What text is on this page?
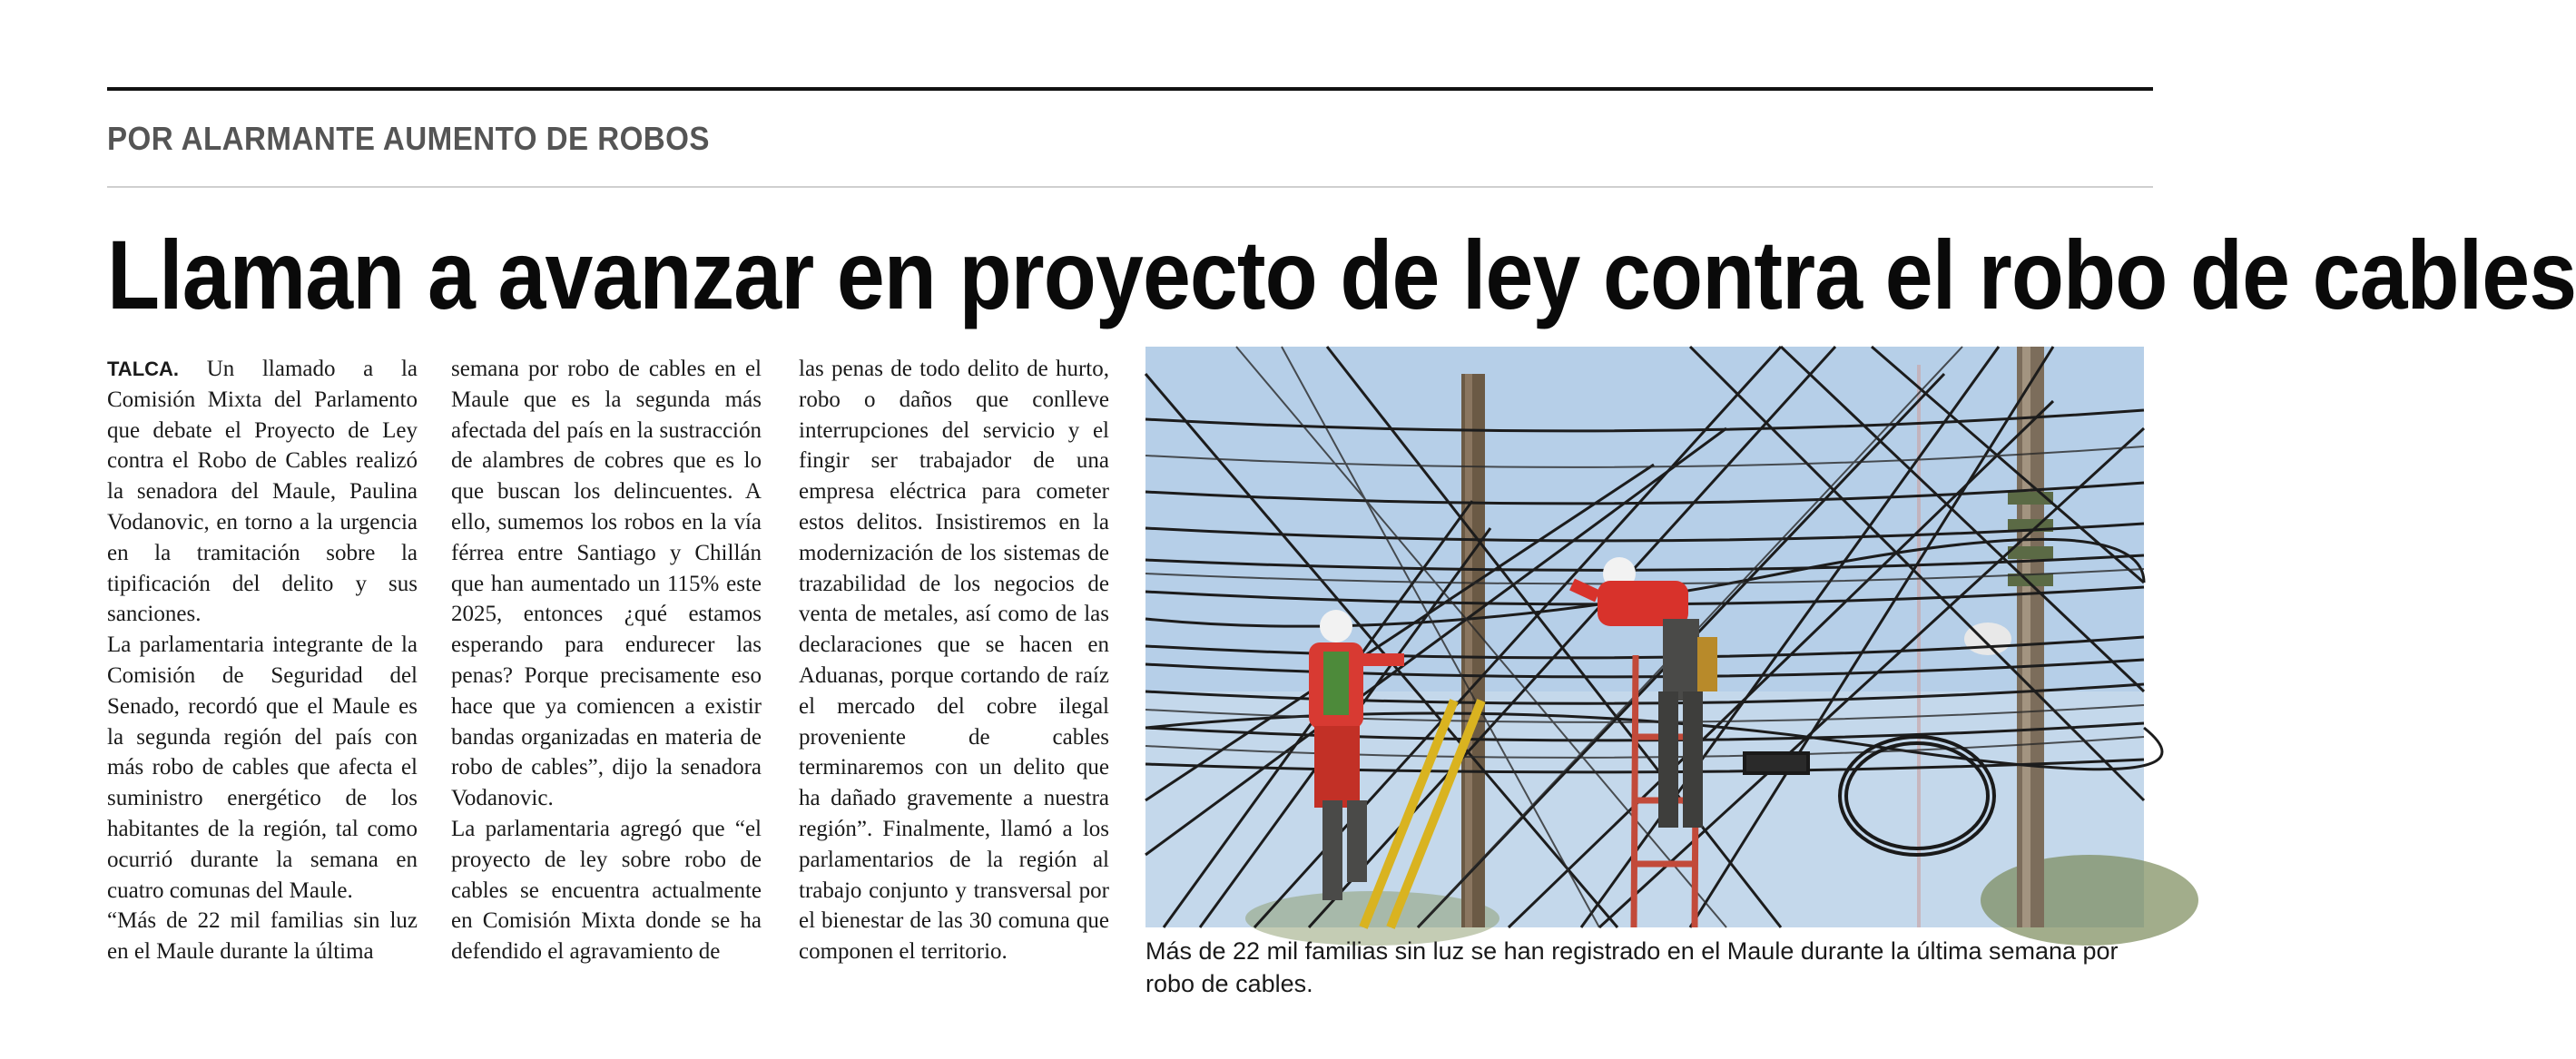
POR ALARMANTE AUMENTO DE ROBOS
Llaman a avanzar en proyecto de ley contra el robo de cables

TALCA. Un llamado a la Comisión Mixta del Parlamento que debate el Proyecto de Ley contra el Robo de Cables realizó la senadora del Maule, Paulina Vodanovic, en torno a la urgencia en la tramitación sobre la tipificación del delito y sus sanciones.

La parlamentaria integrante de la Comisión de Seguridad del Senado, recordó que el Maule es la segunda región del país con más robo de cables que afecta el suministro energético de los habitantes de la región, tal como ocurrió durante la semana en cuatro comunas del Maule.

“Más de 22 mil familias sin luz en el Maule durante la última

semana por robo de cables en el Maule que es la segunda más afectada del país en la sustracción de alambres de cobres que es lo que buscan los delincuentes. A ello, sumemos los robos en la vía férrea entre Santiago y Chillán que han aumentado un 115% este 2025, entonces ¿qué estamos esperando para endurecer las penas? Porque precisamente eso hace que ya comiencen a existir bandas organizadas en materia de robo de cables”, dijo la senadora Vodanovic.

La parlamentaria agregó que “el proyecto de ley sobre robo de cables se encuentra actualmente en Comisión Mixta donde se ha defendido el agravamiento de

las penas de todo delito de hurto, robo o daños que conlleve interrupciones del servicio y el fingir ser trabajador de una empresa eléctrica para cometer estos delitos. Insistiremos en la modernización de los sistemas de trazabilidad de los negocios de venta de metales, así como de las declaraciones que se hacen en Aduanas, porque cortando de raíz el mercado del cobre ilegal proveniente de cables terminaremos con un delito que ha dañado gravemente a nuestra región”. Finalmente, llamó a los parlamentarios de la región al trabajo conjunto y transversal por el bienestar de las 30 comuna que componen el territorio.	Más de 22 mil familias sin luz se han registrado en el Maule durante la última semana por robo de cables.
